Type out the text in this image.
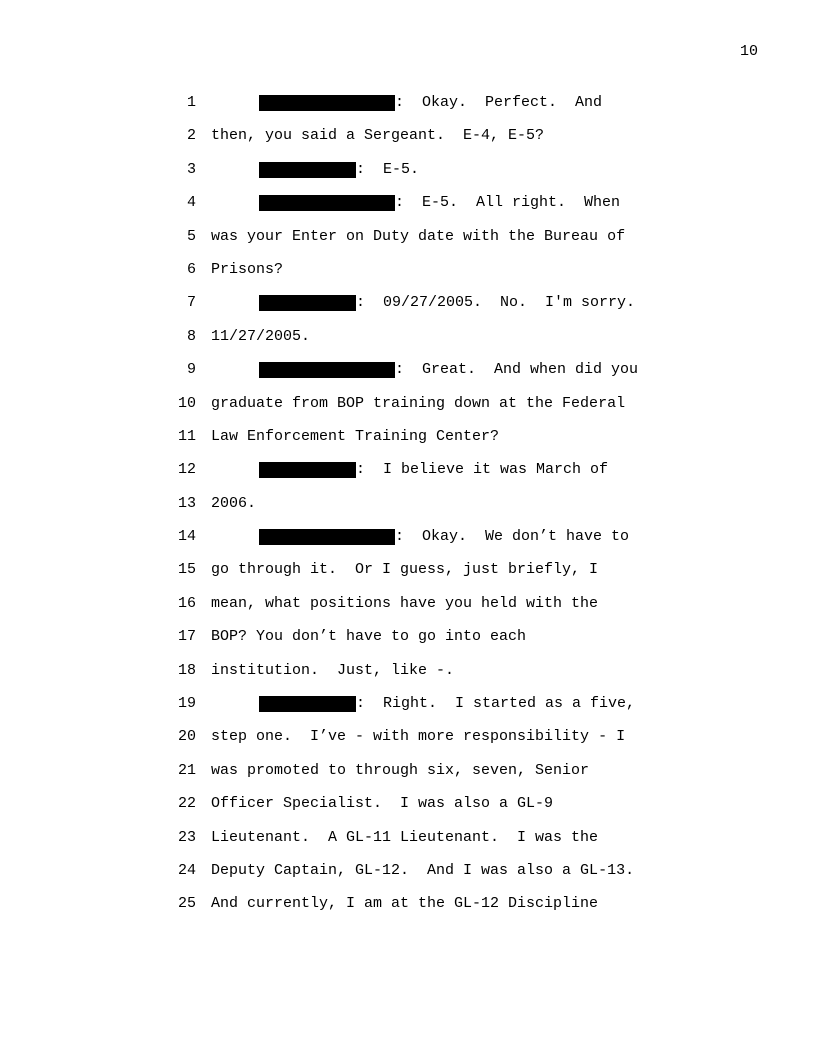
10
1	:  Okay.  Perfect.  And
2 then, you said a Sergeant.  E-4, E-5?
3	:  E-5.
4	:  E-5.  All right.  When
5 was your Enter on Duty date with the Bureau of
6 Prisons?
7	:  09/27/2005.  No.  I'm sorry.
8 11/27/2005.
9	:  Great.  And when did you
10 graduate from BOP training down at the Federal
11 Law Enforcement Training Center?
12	:  I believe it was March of
13 2006.
14	:  Okay.  We don’t have to
15 go through it.  Or I guess, just briefly, I
16 mean, what positions have you held with the
17 BOP? You don’t have to go into each
18 institution.  Just, like -.
19	:  Right.  I started as a five,
20 step one.  I’ve - with more responsibility - I
21 was promoted to through six, seven, Senior
22 Officer Specialist.  I was also a GL-9
23 Lieutenant.  A GL-11 Lieutenant.  I was the
24 Deputy Captain, GL-12.  And I was also a GL-13.
25 And currently, I am at the GL-12 Discipline
